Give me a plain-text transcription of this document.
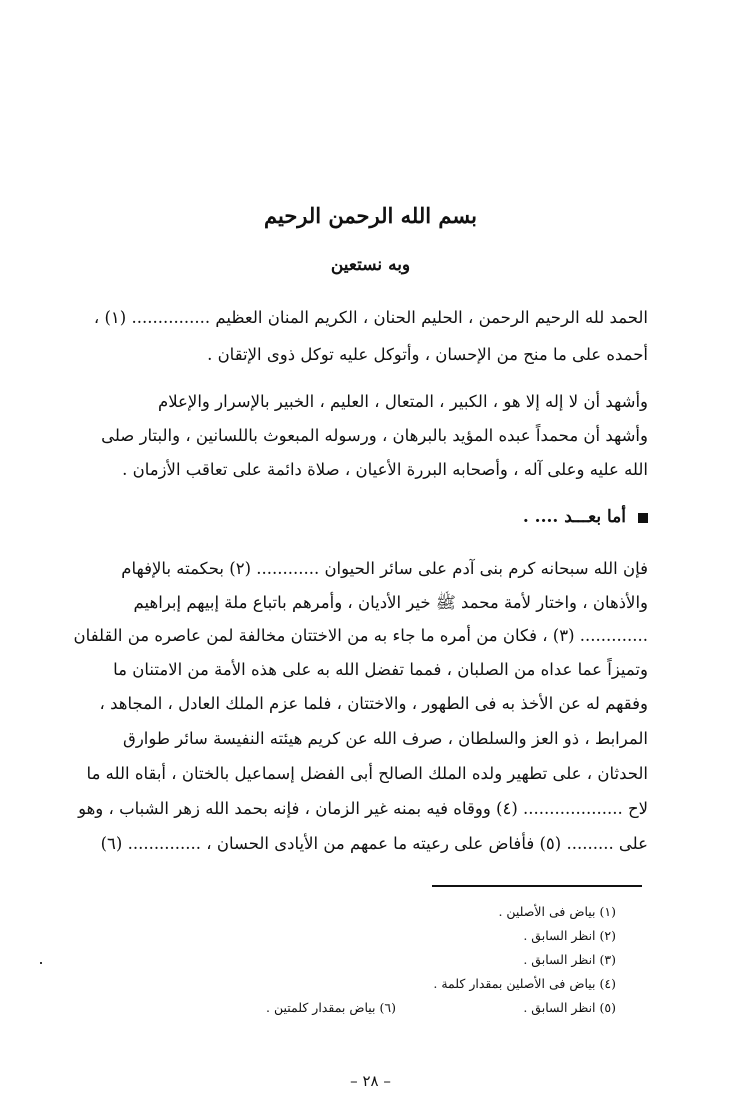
بسم الله الرحمن الرحيم
وبه نستعين
الحمد لله الرحيم الرحمن ، الحليم الحنان ، الكريم المنان العظيم ............... (١) ،
أحمده على ما منح من الإحسان ، وأتوكل عليه توكل ذوى الإتقان .
وأشهد أن لا إله إلا هو ، الكبير ، المتعال ، العليم ، الخبير بالإسرار والإعلام
وأشهد أن محمداً عبده المؤيد بالبرهان ، ورسوله المبعوث باللسانين ، والبتار صلى
الله عليه وعلى آله ، وأصحابه البررة الأعيان ، صلاة دائمة على تعاقب الأزمان .
أما بعـــد .... .
فإن الله سبحانه كرم بنى آدم على سائر الحيوان ............ (٢) بحكمته بالإفهام
والأذهان ، واختار لأمة محمد ﷺ خير الأديان ، وأمرهم باتباع ملة إبيهم إبراهيم
............. (٣) ، فكان من أمره ما جاء به من الاختتان مخالفة لمن عاصره من القلفان
وتميزاً عما عداه من الصلبان ، فمما تفضل الله به على هذه الأمة من الامتنان ما
وفقهم له عن الأخذ به فى الطهور ، والاختتان ، فلما عزم الملك العادل ، المجاهد ،
المرابط ، ذو العز والسلطان ، صرف الله عن كريم هيئته النفيسة سائر طوارق
الحدثان ، على تطهير ولده الملك الصالح أبى الفضل إسماعيل بالختان ، أبقاه الله ما
لاح ................... (٤) ووقاه فيه بمنه غير الزمان ، فإنه بحمد الله زهر الشباب ، وهو
على ......... (٥) فأفاض على رعيته ما عمهم من الأيادى الحسان ، .............. (٦)
(١) بياض فى الأصلين .
(٢) انظر السابق .
(٣) انظر السابق .
(٤) بياض فى الأصلين بمقدار كلمة .
(٥) انظر السابق .
(٦) بياض بمقدار كلمتين .
– ٢٨ –
